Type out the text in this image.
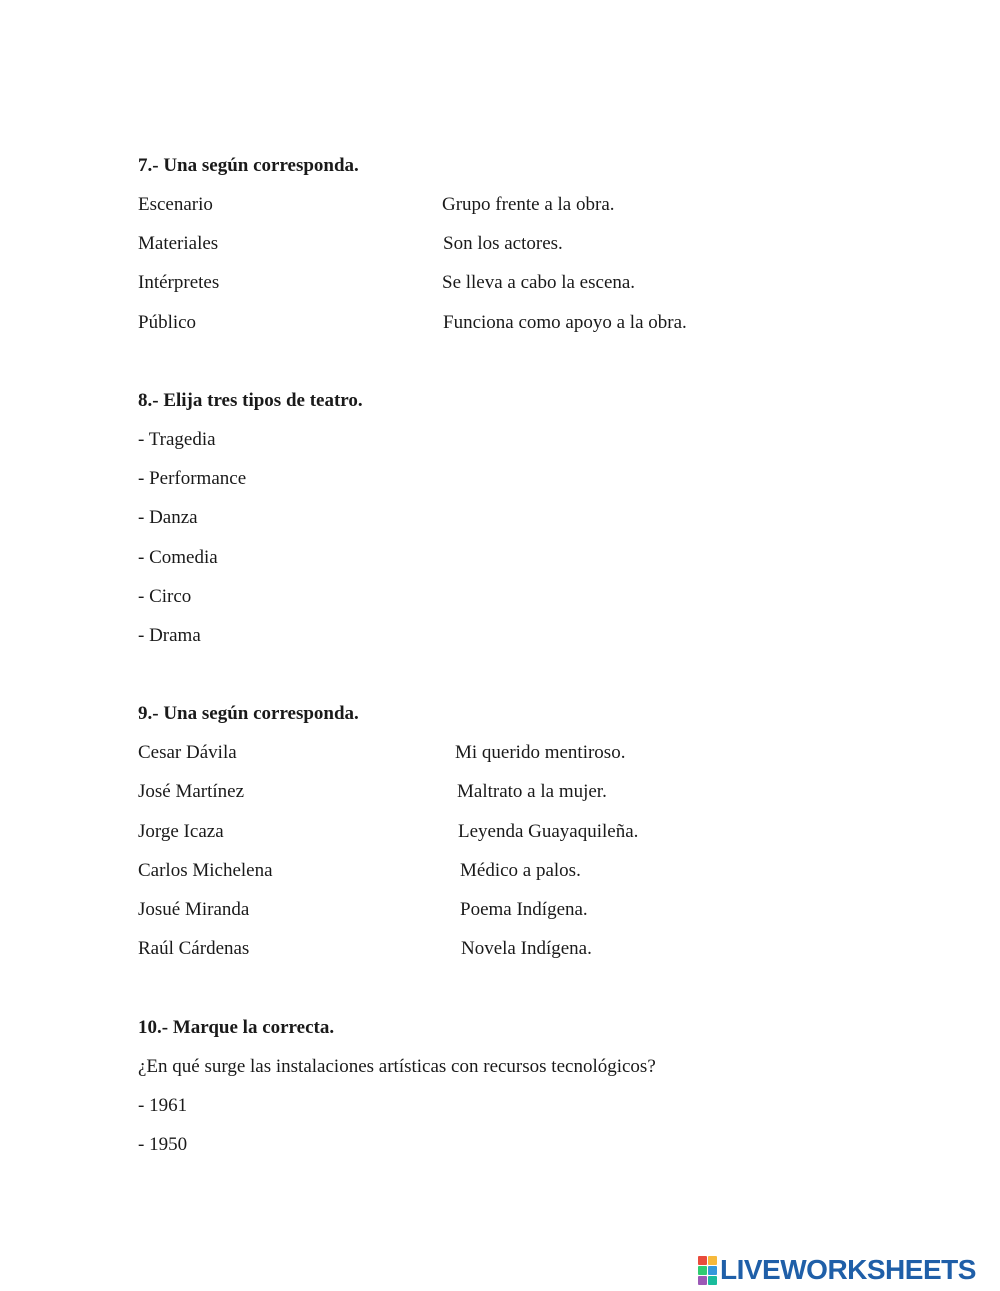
7.- Una según corresponda.
Escenario	Grupo frente a la obra.
Materiales	Son los actores.
Intérpretes	Se lleva a cabo la escena.
Público	Funciona como apoyo a la obra.
8.- Elija tres tipos de teatro.
- Tragedia
- Performance
- Danza
- Comedia
- Circo
- Drama
9.- Una según corresponda.
Cesar Dávila	Mi querido mentiroso.
José Martínez	Maltrato a la mujer.
Jorge Icaza	Leyenda Guayaquileña.
Carlos Michelena	Médico a palos.
Josué Miranda	Poema Indígena.
Raúl Cárdenas	Novela Indígena.
10.- Marque la correcta.
¿En qué surge las instalaciones artísticas con recursos tecnológicos?
- 1961
- 1950
LIVEWORKSHEETS
